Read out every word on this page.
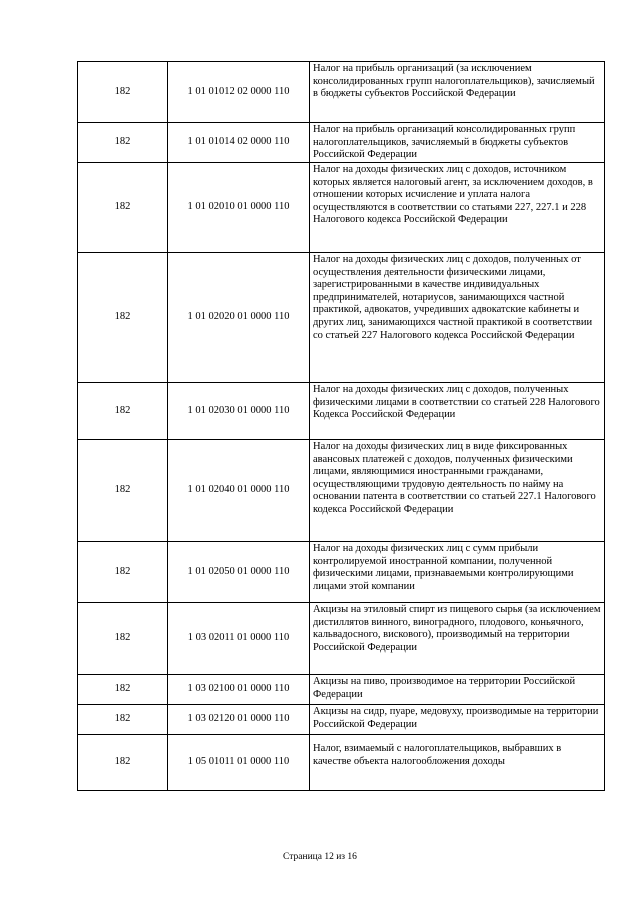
182	1 01 01012 02 0000 110	Налог на прибыль организаций (за исключением консолидированных групп налогоплательщиков), зачисляемый в бюджеты субъектов Российской Федерации
182	1 01 01014 02 0000 110	Налог на прибыль организаций консолидированных групп налогоплательщиков, зачисляемый в бюджеты субъектов Российской Федерации
182	1 01 02010 01 0000 110	Налог на доходы физических лиц с доходов, источником которых является налоговый агент, за исключением доходов, в отношении которых исчисление и уплата налога осуществляются в соответствии со статьями 227, 227.1 и 228 Налогового кодекса Российской Федерации
182	1 01 02020 01 0000 110	Налог на доходы физических лиц с доходов, полученных от осуществления деятельности физическими лицами, зарегистрированными в качестве индивидуальных предпринимателей, нотариусов, занимающихся частной практикой, адвокатов, учредивших адвокатские кабинеты и других лиц, занимающихся частной практикой в соответствии со статьей 227 Налогового кодекса Российской Федерации
182	1 01 02030 01 0000 110	Налог на доходы физических лиц с доходов, полученных физическими лицами в соответствии со статьей 228 Налогового Кодекса Российской Федерации
182	1 01 02040 01 0000 110	Налог на доходы физических лиц в виде фиксированных авансовых платежей с доходов, полученных физическими лицами, являющимися иностранными гражданами, осуществляющими трудовую деятельность по найму на основании патента в соответствии со статьей 227.1 Налогового кодекса Российской Федерации
182	1 01 02050 01 0000 110	Налог на доходы физических лиц с сумм прибыли контролируемой иностранной компании, полученной физическими лицами, признаваемыми контролирующими лицами этой компании
182	1 03 02011 01 0000 110	Акцизы на этиловый спирт из пищевого сырья (за исключением дистиллятов винного, виноградного, плодового, коньячного, кальвадосного, вискового), производимый на территории Российской Федерации
182	1 03 02100 01 0000 110	Акцизы на пиво, производимое на территории Российской Федерации
182	1 03 02120 01 0000 110	Акцизы на сидр, пуаре, медовуху, производимые на территории Российской Федерации
182	1 05 01011 01 0000 110	Налог, взимаемый с налогоплательщиков, выбравших в качестве объекта налогообложения доходы
Страница 12 из 16
